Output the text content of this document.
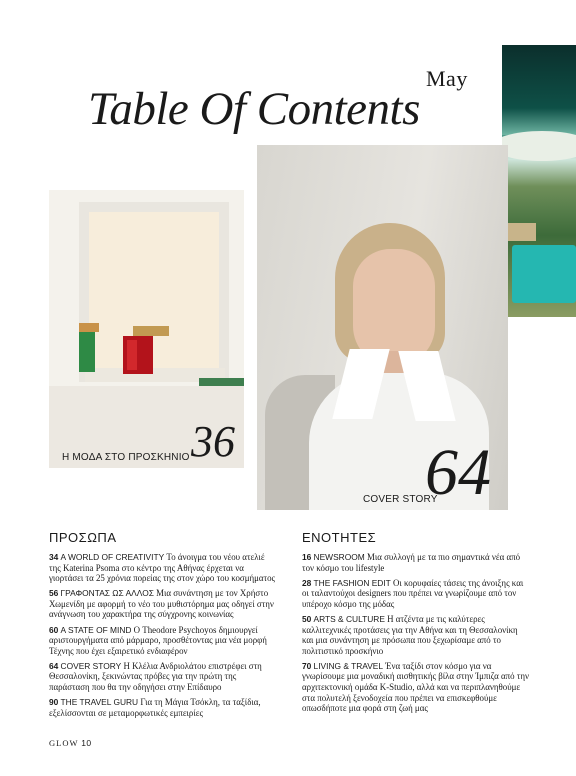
May
Table Of Contents
Η ΜΟΔΑ ΣΤΟ ΠΡΟΣΚΗΝΙΟ 36
COVER STORY
64
ΠΡΟΣΩΠΑ

34 A WORLD OF CREATIVITY Το άνοιγμα του νέου ατελιέ της Katerina Psoma στο κέντρο της Αθήνας έρχεται να γιορτάσει τα 25 χρόνια πορείας της στον χώρο του κοσμήματος

56 ΓΡΑΦΟΝΤΑΣ ΩΣ ΑΛΛΟΣ Μια συνάντηση με τον Χρήστο Χωμενίδη με αφορμή το νέο του μυθιστόρημα μας οδηγεί στην ανάγνωση του χαρακτήρα της σύγχρονης κοινωνίας

60 A STATE OF MIND Ο Theodore Psychoyos δημιουργεί αριστουργήματα από μάρμαρο, προσθέτοντας μια νέα μορφή Τέχνης που έχει εξαιρετικό ενδιαφέρον

64 COVER STORY Η Κλέλια Ανδριολάτου επιστρέφει στη Θεσσαλονίκη, ξεκινώντας πρόβες για την πρώτη της παράσταση που θα την οδηγήσει στην Επίδαυρο

90 THE TRAVEL GURU Για τη Μάγια Τσόκλη, τα ταξίδια, εξελίσσονται σε μεταμορφωτικές εμπειρίες

ΕΝΟΤΗΤΕΣ

16 NEWSROOM Μια συλλογή με τα πιο σημαντικά νέα από τον κόσμο του lifestyle

28 THE FASHION EDIT Οι κορυφαίες τάσεις της άνοιξης και οι ταλαντούχοι designers που πρέπει να γνωρίζουμε από τον υπέροχο κόσμο της μόδας

50 ARTS & CULTURE Η ατζέντα με τις καλύτερες καλλιτεχνικές προτάσεις για την Αθήνα και τη Θεσσαλονίκη και μια συνάντηση με πρόσωπα που ξεχωρίσαμε από το πολιτιστικό προσκήνιο

70 LIVING & TRAVEL Ένα ταξίδι στον κόσμο για να γνωρίσουμε μια μοναδική αισθητικής βίλα στην Ίμπιζα από την αρχιτεκτονική ομάδα K-Studio, αλλά και να περιπλανηθούμε στα πολυτελή ξενοδοχεία που πρέπει να επισκεφθούμε οπωσδήποτε μια φορά στη ζωή μας

GLOW 10
